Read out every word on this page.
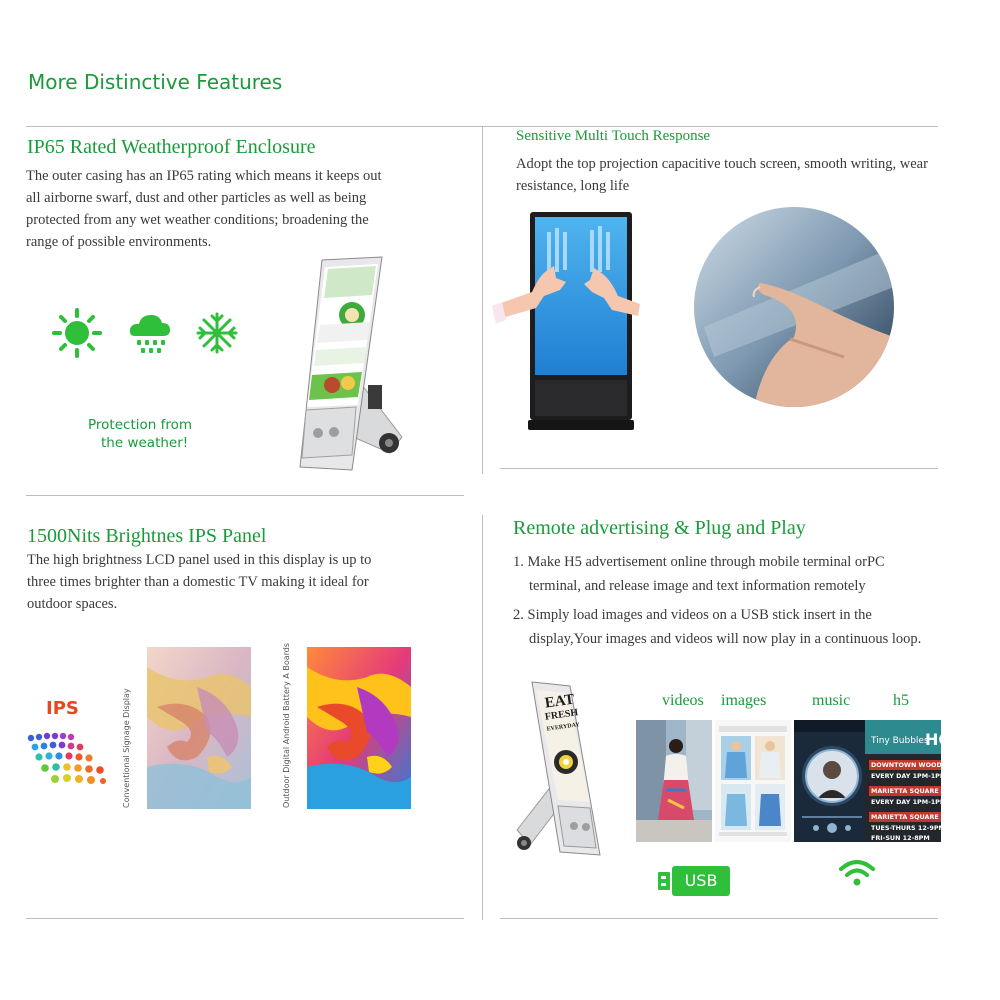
More Distinctive Features
IP65 Rated Weatherproof Enclosure
The outer casing has an IP65 rating which means it keeps out
all airborne swarf, dust and other particles as well as being
protected from any wet weather conditions; broadening the
range of possible environments.
Protection from
the weather!
Sensitive Multi Touch Response
Adopt the top projection capacitive touch screen, smooth writing, wear
resistance, long life
1500Nits Brightnes IPS Panel
The high brightness LCD panel used in this display is up to
three times brighter than a domestic TV making it ideal for
outdoor spaces.
IPS	Conventional Signage Display	Outdoor Digital Android Battery A Boards
Remote advertising & Plug and Play
1. Make H5 advertisement online through mobile terminal orPC
terminal, and release image and text information remotely
2. Simply load images and videos on a USB stick insert in the
display,Your images and videos will now play in a continuous loop.
EAT
FRESH
EVERYDAY
videos images	music	h5
Tiny Bubbles
HO
DOWNTOWN WOODSTOCK
EVERY DAY 1PM-1PM
MARIETTA SQUARE
EVERY DAY 1PM-1PM
MARIETTA SQUARE MARKET
TUES-THURS 12-9PM
FRI-SUN 12-8PM
USB
